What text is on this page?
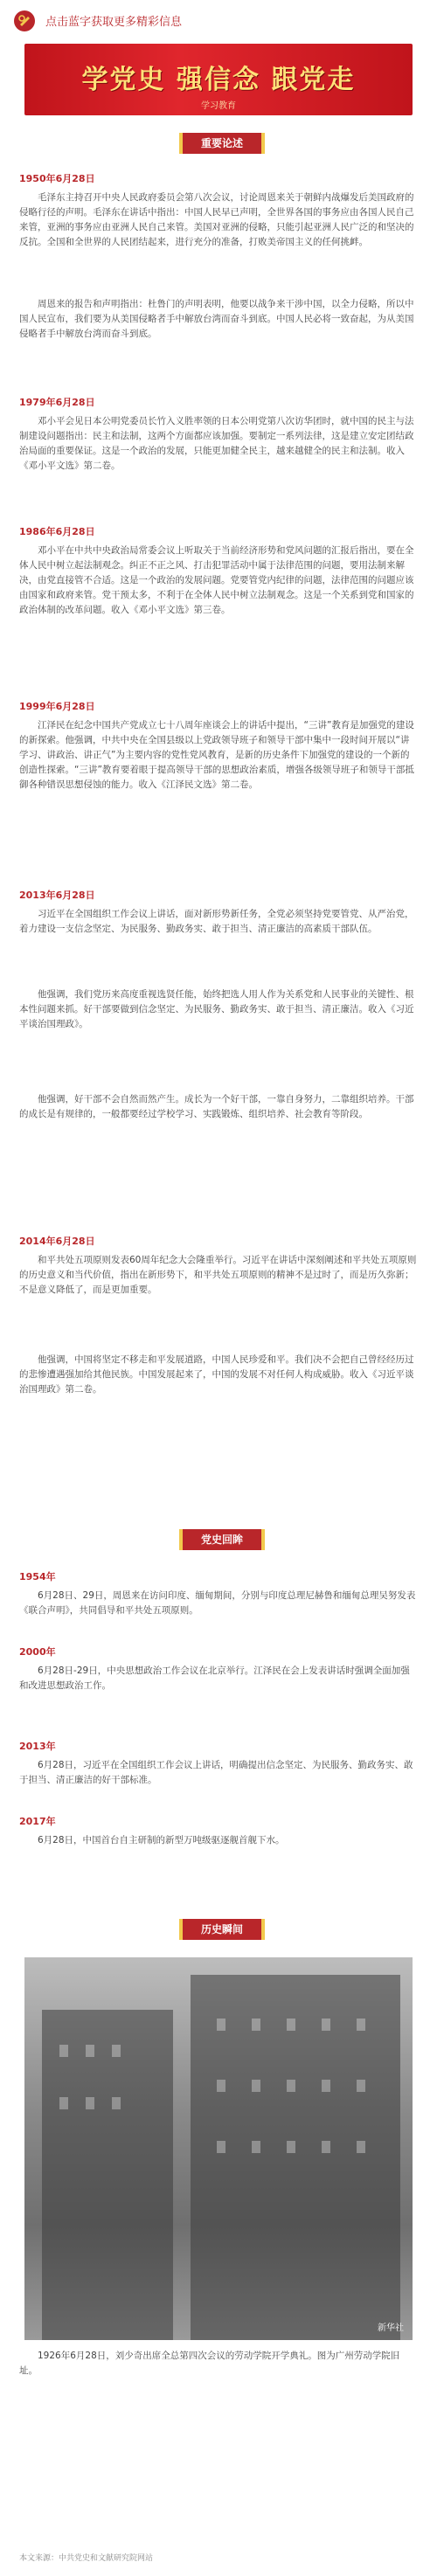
点击蓝字获取更多精彩信息
学党史 强信念 跟党走
学习教育
重要论述
1950年6月28日

毛泽东主持召开中央人民政府委员会第八次会议，讨论周恩来关于朝鲜内战爆发后美国政府的侵略行径的声明。毛泽东在讲话中指出：中国人民早已声明，全世界各国的事务应由各国人民自己来管，亚洲的事务应由亚洲人民自己来管。美国对亚洲的侵略，只能引起亚洲人民广泛的和坚决的反抗。全国和全世界的人民团结起来，进行充分的准备，打败美帝国主义的任何挑衅。

周恩来的报告和声明指出：杜鲁门的声明表明，他要以战争来干涉中国，以全力侵略，所以中国人民宣布，我们要为从美国侵略者手中解放台湾而奋斗到底。中国人民必将一致奋起，为从美国侵略者手中解放台湾而奋斗到底。

1979年6月28日

邓小平会见日本公明党委员长竹入义胜率领的日本公明党第八次访华团时，就中国的民主与法制建设问题指出：民主和法制，这两个方面都应该加强。要制定一系列法律，这是建立安定团结政治局面的重要保证。这是一个政治的发展，只能更加健全民主，越来越健全的民主和法制。收入《邓小平文选》第二卷。

1986年6月28日

邓小平在中共中央政治局常委会议上听取关于当前经济形势和党风问题的汇报后指出，要在全体人民中树立起法制观念。纠正不正之风、打击犯罪活动中属于法律范围的问题，要用法制来解决，由党直接管不合适。这是一个政治的发展问题。党要管党内纪律的问题，法律范围的问题应该由国家和政府来管。党干预太多，不利于在全体人民中树立法制观念。这是一个关系到党和国家的政治体制的改革问题。收入《邓小平文选》第三卷。

1999年6月28日

江泽民在纪念中国共产党成立七十八周年座谈会上的讲话中提出，“三讲”教育是加强党的建设的新探索。他强调，中共中央在全国县级以上党政领导班子和领导干部中集中一段时间开展以“讲学习、讲政治、讲正气”为主要内容的党性党风教育，是新的历史条件下加强党的建设的一个新的创造性探索。“三讲”教育要着眼于提高领导干部的思想政治素质，增强各级领导班子和领导干部抵御各种错误思想侵蚀的能力。收入《江泽民文选》第二卷。

2013年6月28日

习近平在全国组织工作会议上讲话，面对新形势新任务，全党必须坚持党要管党、从严治党，着力建设一支信念坚定、为民服务、勤政务实、敢于担当、清正廉洁的高素质干部队伍。

他强调，我们党历来高度重视选贤任能，始终把选人用人作为关系党和人民事业的关键性、根本性问题来抓。好干部要做到信念坚定、为民服务、勤政务实、敢于担当、清正廉洁。收入《习近平谈治国理政》。

他强调，好干部不会自然而然产生。成长为一个好干部，一靠自身努力，二靠组织培养。干部的成长是有规律的，一般都要经过学校学习、实践锻炼、组织培养、社会教育等阶段。

2014年6月28日

和平共处五项原则发表60周年纪念大会隆重举行。习近平在讲话中深刻阐述和平共处五项原则的历史意义和当代价值，指出在新形势下，和平共处五项原则的精神不是过时了，而是历久弥新；不是意义降低了，而是更加重要。

他强调，中国将坚定不移走和平发展道路，中国人民珍爱和平。我们决不会把自己曾经经历过的悲惨遭遇强加给其他民族。中国发展起来了，中国的发展不对任何人构成威胁。收入《习近平谈治国理政》第二卷。

党史回眸
1954年

6月28日、29日，周恩来在访问印度、缅甸期间，分别与印度总理尼赫鲁和缅甸总理吴努发表《联合声明》，共同倡导和平共处五项原则。

2000年

6月28日-29日，中央思想政治工作会议在北京举行。江泽民在会上发表讲话时强调全面加强和改进思想政治工作。

2013年

6月28日，习近平在全国组织工作会议上讲话，明确提出信念坚定、为民服务、勤政务实、敢于担当、清正廉洁的好干部标准。

2017年

6月28日，中国首台自主研制的新型万吨级驱逐舰首舰下水。

历史瞬间
新华社

1926年6月28日，刘少奇出席全总第四次会议的劳动学院开学典礼。图为广州劳动学院旧址。

本文来源：中共党史和文献研究院网站
